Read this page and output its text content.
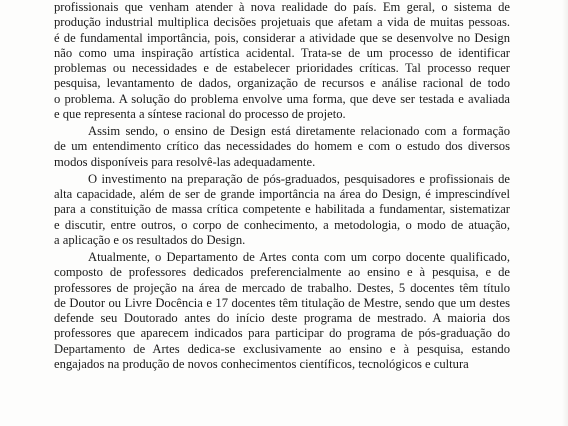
profissionais que venham atender à nova realidade do país. Em geral, o sistema de
produção industrial multiplica decisões projetuais que afetam a vida de muitas pessoas.
é de fundamental importância, pois, considerar a atividade que se desenvolve no Design
não como uma inspiração artística acidental. Trata-se de um processo de identificar
problemas ou necessidades e de estabelecer prioridades críticas. Tal processo requer
pesquisa, levantamento de dados, organização de recursos e análise racional de todo
o problema. A solução do problema envolve uma forma, que deve ser testada e avaliada
e que representa a síntese racional do processo de projeto.
Assim sendo, o ensino de Design está diretamente relacionado com a formação
de um entendimento crítico das necessidades do homem e com o estudo dos diversos
modos disponíveis para resolvê-las adequadamente.
O investimento na preparação de pós-graduados, pesquisadores e profissionais de
alta capacidade, além de ser de grande importância na área do Design, é imprescindível
para a constituição de massa crítica competente e habilitada a fundamentar, sistematizar
e discutir, entre outros, o corpo de conhecimento, a metodologia, o modo de atuação,
a aplicação e os resultados do Design.
Atualmente, o Departamento de Artes conta com um corpo docente qualificado,
composto de professores dedicados preferencialmente ao ensino e à pesquisa, e de
professores de projeção na área de mercado de trabalho. Destes, 5 docentes têm título
de Doutor ou Livre Docência e 17 docentes têm titulação de Mestre, sendo que um destes
defende seu Doutorado antes do início deste programa de mestrado. A maioria dos
professores que aparecem indicados para participar do programa de pós-graduação do
Departamento de Artes dedica-se exclusivamente ao ensino e à pesquisa, estando
engajados na produção de novos conhecimentos científicos, tecnológicos e cultura
